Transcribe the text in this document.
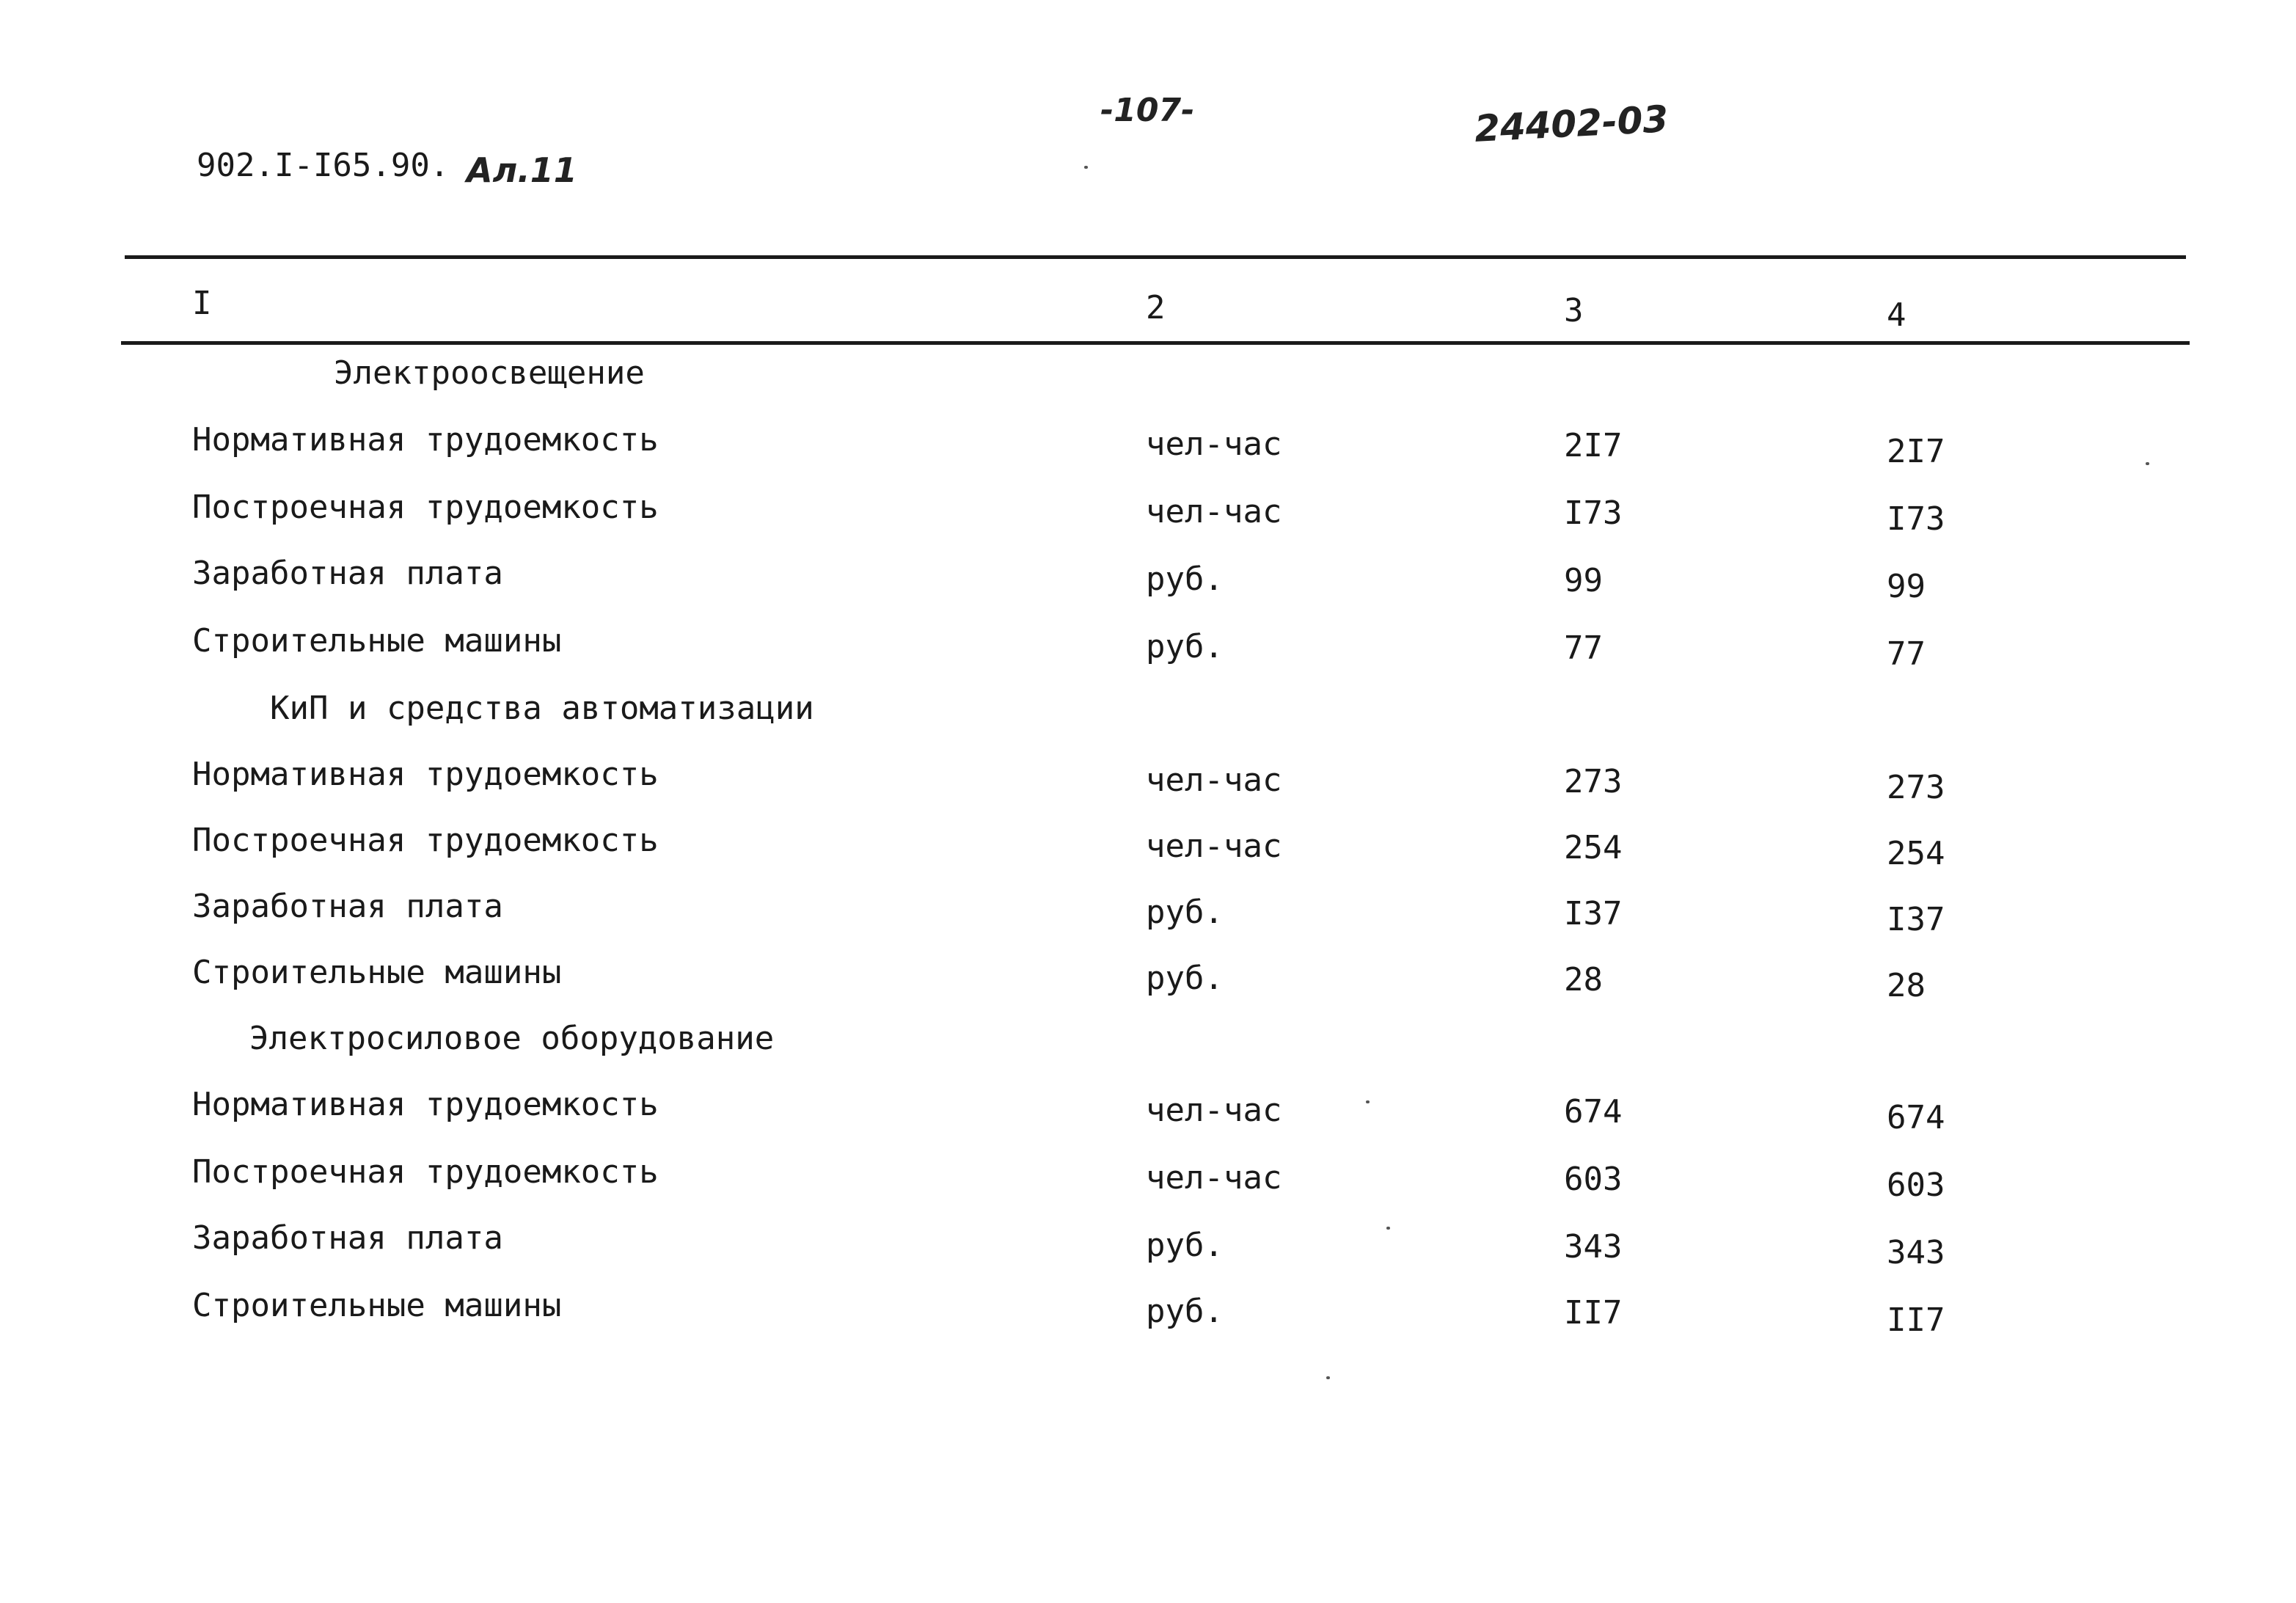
902.I-I65.90. Ал.11
-107-	24402-03
I	2	3	4
Электроосвещение
Нормативная трудоемкость	чел-час	2I7	2I7
Построечная трудоемкость	чел-час	I73	I73
Заработная плата	руб.	99	99
Строительные машины	руб.	77	77
КиП и средства автоматизации
Нормативная трудоемкость	чел-час	273	273
Построечная трудоемкость	чел-час	254	254
Заработная плата	руб.	I37	I37
Строительные машины	руб.	28	28
Электросиловое оборудование
Нормативная трудоемкость	чел-час	674	674
Построечная трудоемкость	чел-час	603	603
Заработная плата	руб.	343	343
Строительные машины	руб.	II7	II7
